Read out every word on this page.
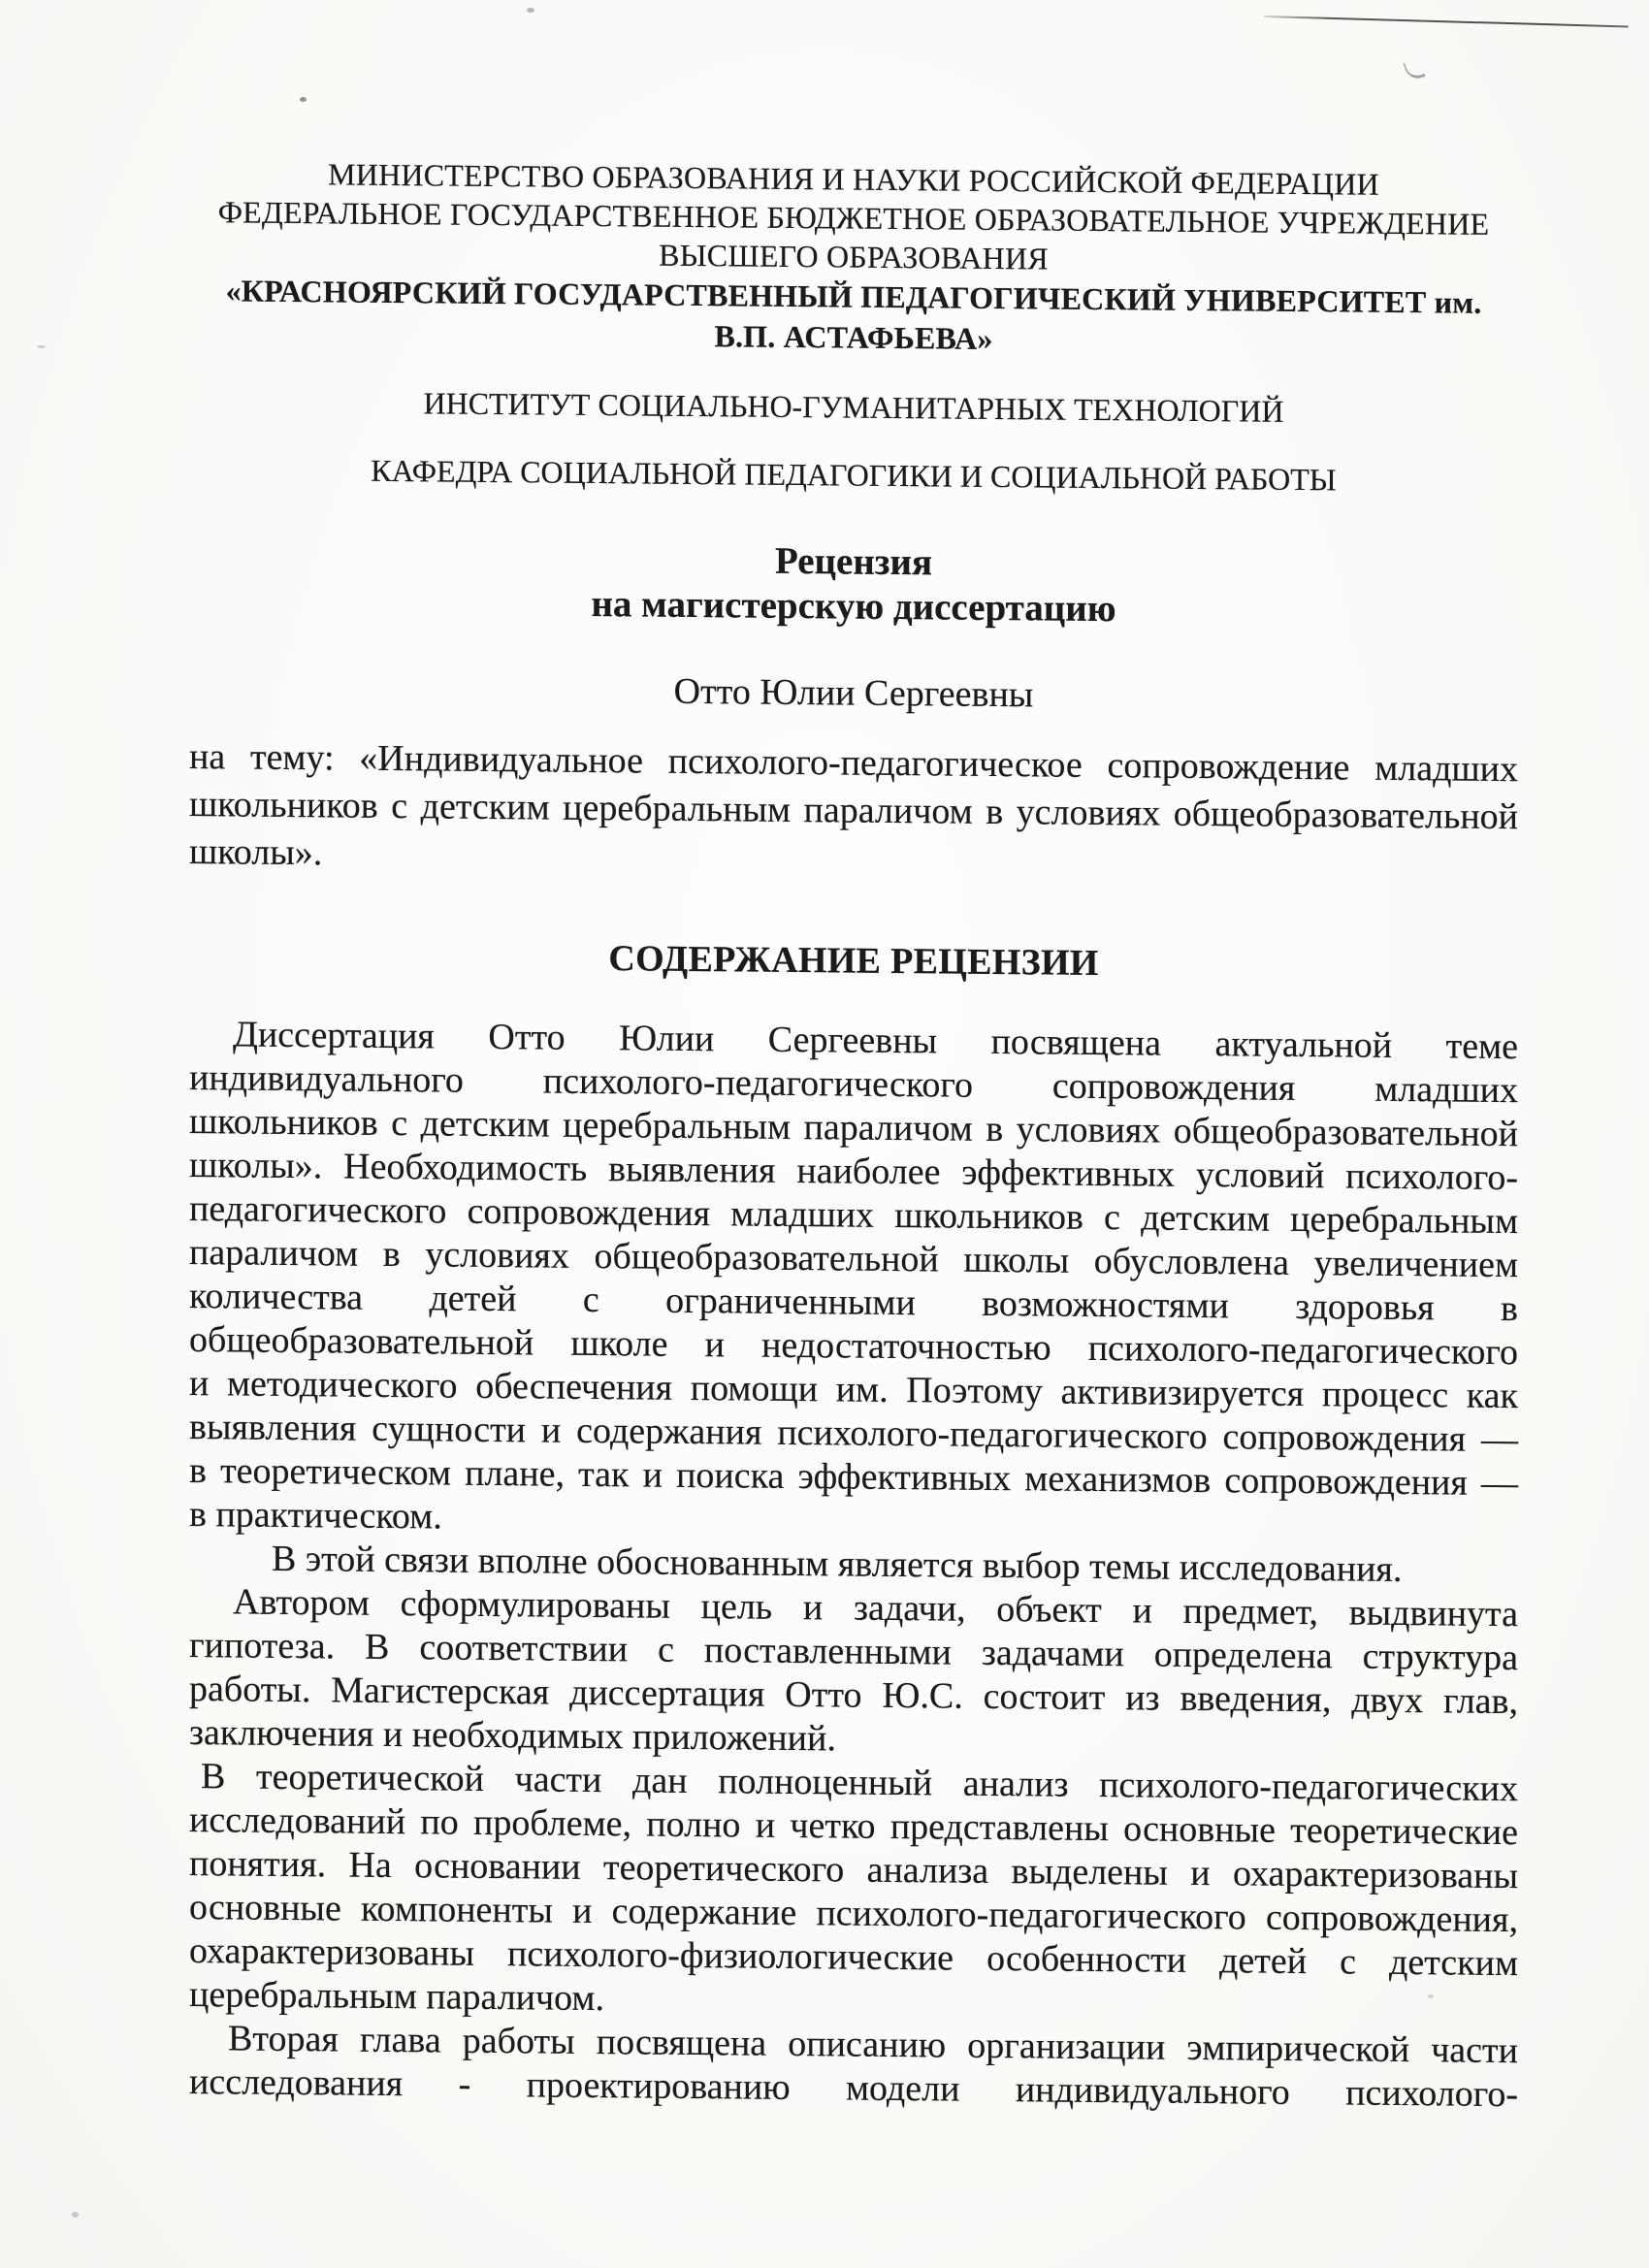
МИНИСТЕРСТВО ОБРАЗОВАНИЯ И НАУКИ РОССИЙСКОЙ ФЕДЕРАЦИИ
ФЕДЕРАЛЬНОЕ ГОСУДАРСТВЕННОЕ БЮДЖЕТНОЕ ОБРАЗОВАТЕЛЬНОЕ УЧРЕЖДЕНИЕ
ВЫСШЕГО ОБРАЗОВАНИЯ
«КРАСНОЯРСКИЙ ГОСУДАРСТВЕННЫЙ ПЕДАГОГИЧЕСКИЙ УНИВЕРСИТЕТ им.
В.П. АСТАФЬЕВА»
ИНСТИТУТ СОЦИАЛЬНО-ГУМАНИТАРНЫХ ТЕХНОЛОГИЙ
КАФЕДРА СОЦИАЛЬНОЙ ПЕДАГОГИКИ И СОЦИАЛЬНОЙ РАБОТЫ
Рецензия
на магистерскую диссертацию
Отто Юлии Сергеевны
на тему: «Индивидуальное психолого-педагогическое сопровождение младших
школьников с детским церебральным параличом в условиях общеобразовательной
школы».
СОДЕРЖАНИЕ РЕЦЕНЗИИ
Диссертация Отто Юлии Сергеевны посвящена актуальной теме
индивидуального психолого-педагогического сопровождения младших
школьников с детским церебральным параличом в условиях общеобразовательной
школы». Необходимость выявления наиболее эффективных условий психолого-
педагогического сопровождения младших школьников с детским церебральным
параличом в условиях общеобразовательной школы обусловлена увеличением
количества детей с ограниченными возможностями здоровья в
общеобразовательной школе и недостаточностью психолого-педагогического
и методического обеспечения помощи им. Поэтому активизируется процесс как
выявления сущности и содержания психолого-педагогического сопровождения —
в теоретическом плане, так и поиска эффективных механизмов сопровождения —
в практическом.
В этой связи вполне обоснованным является выбор темы исследования.
Автором сформулированы цель и задачи, объект и предмет, выдвинута
гипотеза. В соответствии с поставленными задачами определена структура
работы. Магистерская диссертация Отто Ю.С. состоит из введения, двух глав,
заключения и необходимых приложений.
В теоретической части дан полноценный анализ психолого-педагогических
исследований по проблеме, полно и четко представлены основные теоретические
понятия. На основании теоретического анализа выделены и охарактеризованы
основные компоненты и содержание психолого-педагогического сопровождения,
охарактеризованы психолого-физиологические особенности детей с детским
церебральным параличом.
Вторая глава работы посвящена описанию организации эмпирической части
исследования - проектированию модели индивидуального психолого-
